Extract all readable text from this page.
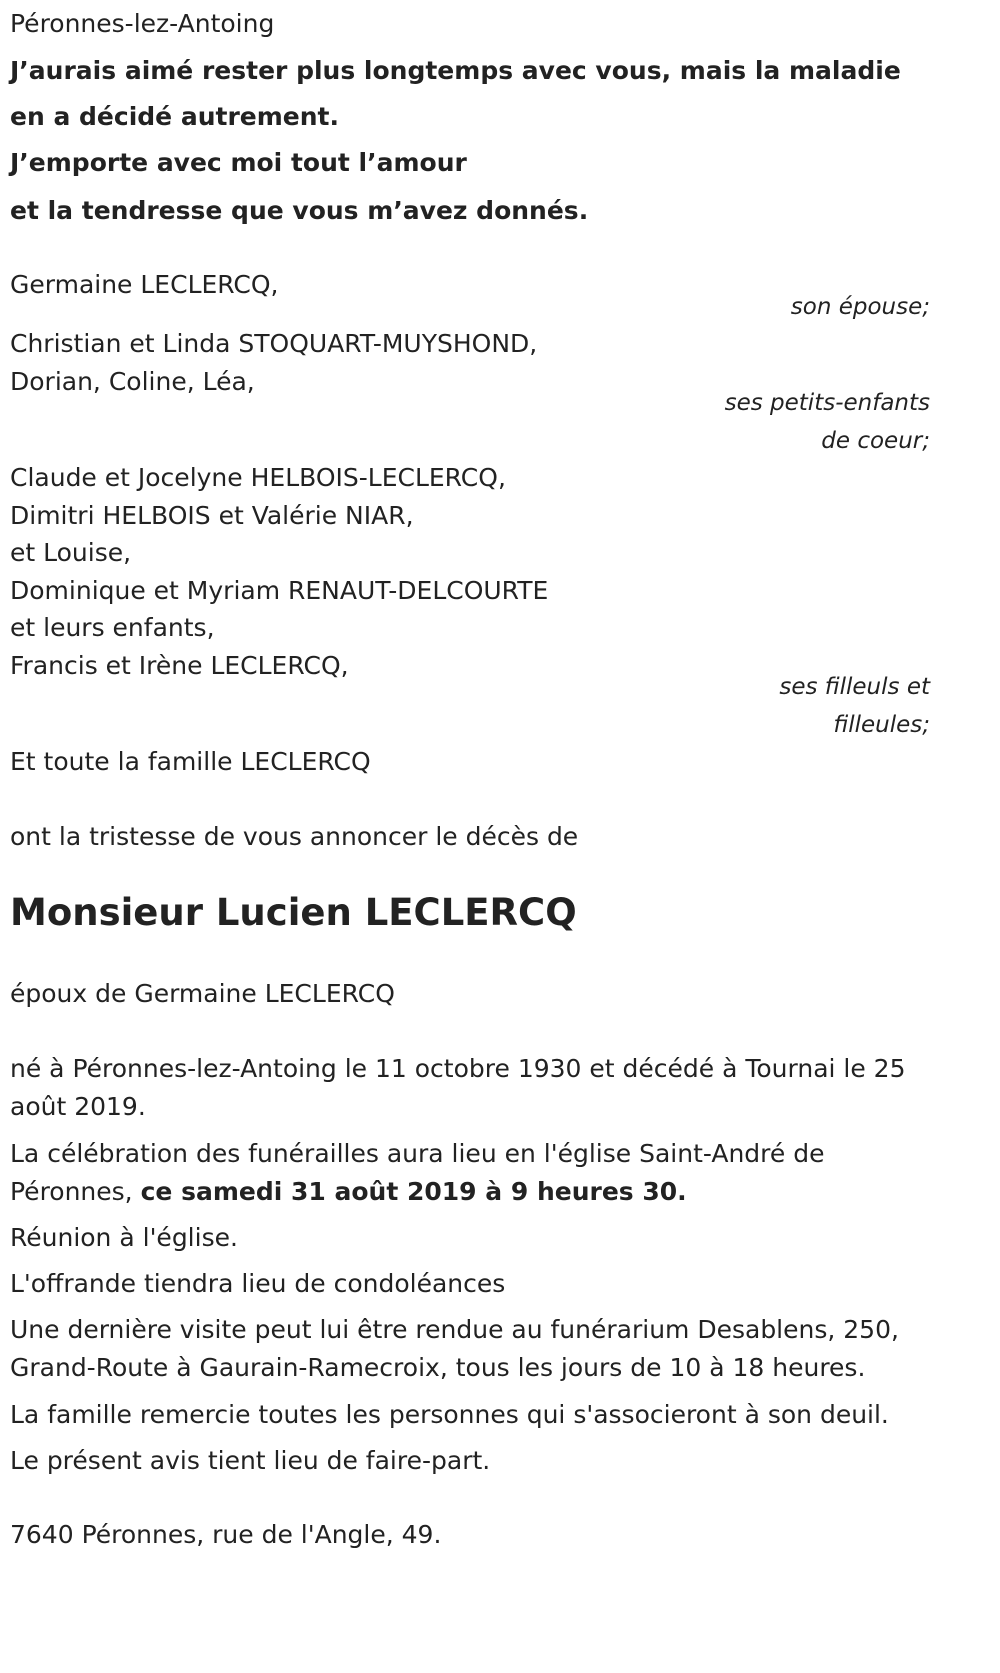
Péronnes-lez-Antoing

J’aurais aimé rester plus longtemps avec vous, mais la maladie

en a décidé autrement.

J’emporte avec moi tout l’amour

et la tendresse que vous m’avez donnés.

Germaine LECLERCQ,

son épouse;

Christian et Linda STOQUART-MUYSHOND,

Dorian, Coline, Léa,

ses petits-enfants

de coeur;

Claude et Jocelyne HELBOIS-LECLERCQ,

Dimitri HELBOIS et Valérie NIAR,

et Louise,

Dominique et Myriam RENAUT-DELCOURTE

et leurs enfants,

Francis et Irène LECLERCQ,

ses filleuls et

filleules;

Et toute la famille LECLERCQ

ont la tristesse de vous annoncer le décès de

Monsieur Lucien LECLERCQ

époux de Germaine LECLERCQ

né à Péronnes-lez-Antoing le 11 octobre 1930 et décédé à Tournai le 25

août 2019.

La célébration des funérailles aura lieu en l'église Saint-André de

Péronnes, ce samedi 31 août 2019 à 9 heures 30.

Réunion à l'église.

L'offrande tiendra lieu de condoléances

Une dernière visite peut lui être rendue au funérarium Desablens, 250,

Grand-Route à Gaurain-Ramecroix, tous les jours de 10 à 18 heures.

La famille remercie toutes les personnes qui s'associeront à son deuil.

Le présent avis tient lieu de faire-part.

7640 Péronnes, rue de l'Angle, 49.
